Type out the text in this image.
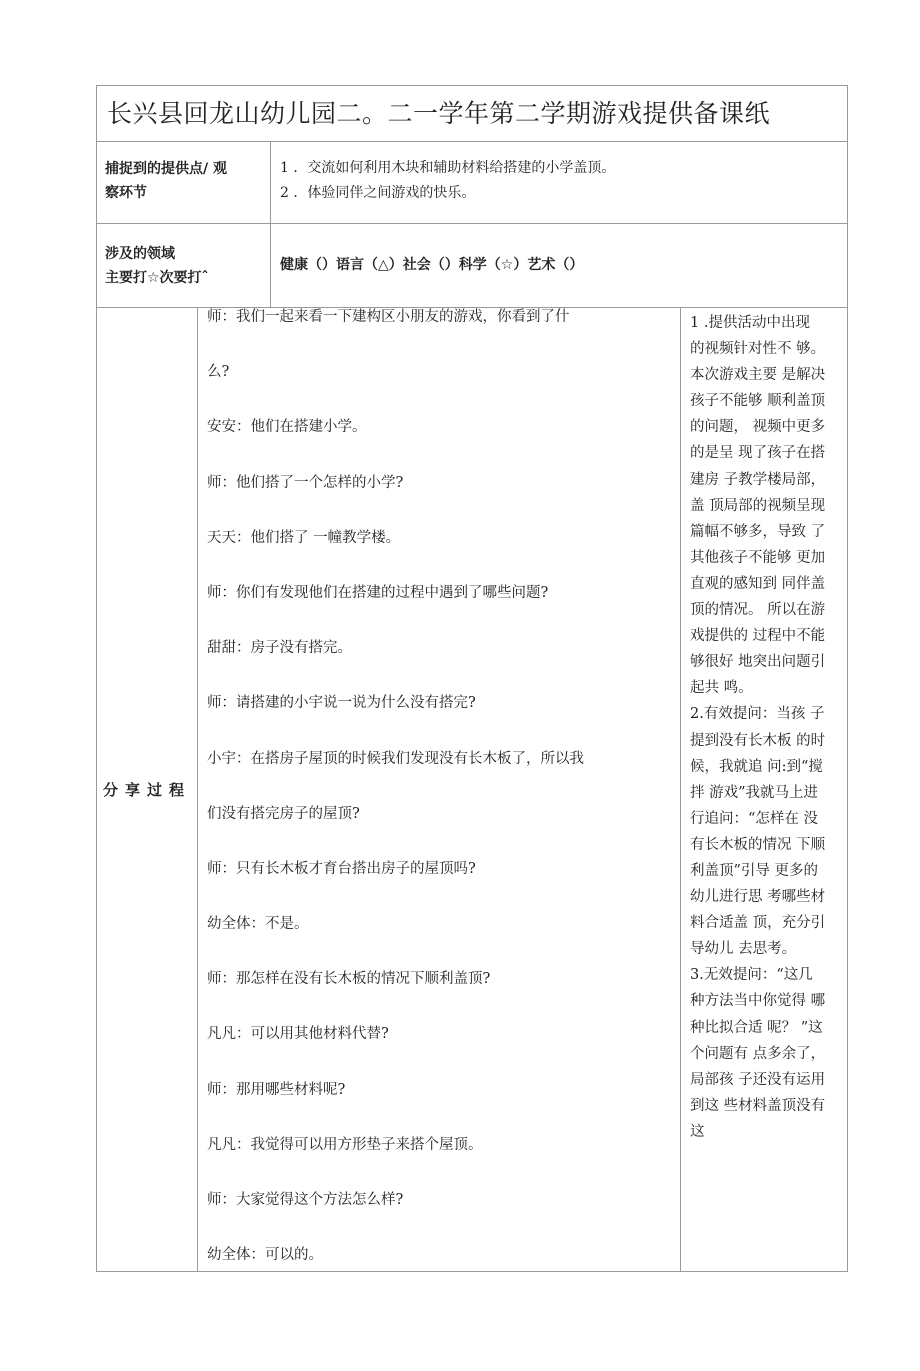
长兴县回龙山幼儿园二。二一学年第二学期游戏提供备课纸
捕捉到的提供点/ 观
察环节

1 ．交流如何利用木块和辅助材料给搭建的小学盖顶。

2 ．体验同伴之间游戏的快乐。

涉及的领域
主要打☆次要打ˆ
健康（）语言（△）社会（）科学（☆）艺术（）
分享过程
师：我们一起来看一下建构区小朋友的游戏，你看到了什
么?
安安：他们在搭建小学。
师：他们搭了一个怎样的小学?
天天：他们搭了 一幢教学楼。
师：你们有发现他们在搭建的过程中遇到了哪些问题?
甜甜：房子没有搭完。
师：请搭建的小宇说一说为什么没有搭完?
小宇：在搭房子屋顶的时候我们发现没有长木板了，所以我
们没有搭完房子的屋顶?
师：只有长木板才育台搭出房子的屋顶吗?
幼全体：不是。
师：那怎样在没有长木板的情况下顺利盖顶?
凡凡：可以用其他材料代替?
师：那用哪些材料呢?
凡凡：我觉得可以用方形垫子来搭个屋顶。
师：大家觉得这个方法怎么样?
幼全体：可以的。
1 .提供活动中出现
的视频针对性不 够。
本次游戏主要 是解决
孩子不能够 顺利盖顶
的问题， 视频中更多
的是呈 现了孩子在搭
建房 子教学楼局部，
盖 顶局部的视频呈现
篇幅不够多，导致 了
其他孩子不能够 更加
直观的感知到 同伴盖
顶的情况。 所以在游
戏提供的 过程中不能
够很好 地突出问题引
起共 鸣。
2.有效提问：当孩 子
提到没有长木板 的时
候，我就追 问:到“搅
拌 游戏”我就马上进
行追问：“怎样在 没
有长木板的情况 下顺
利盖顶”引导 更多的
幼儿进行思 考哪些材
料合适盖 顶，充分引
导幼儿 去思考。
3.无效提问：“这几
种方法当中你觉得 哪
种比拟合适 呢？ ”这
个问题有 点多余了，
局部孩 子还没有运用
到这 些材料盖顶没有
这
